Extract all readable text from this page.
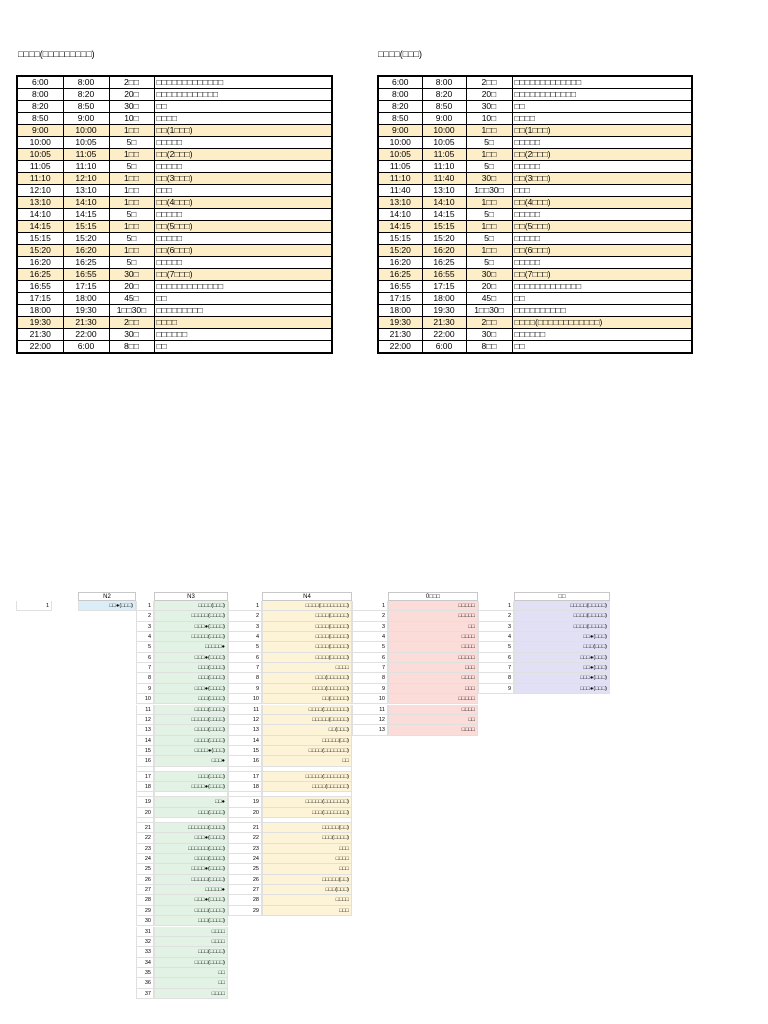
□□□□(□□□□□□□□□)
6:00	8:00	2□□	□□□□□□□□□□□□□
8:00	8:20	20□	□□□□□□□□□□□□
8:20	8:50	30□	□□
8:50	9:00	10□	□□□□
9:00	10:00	1□□	□□(1□□□)
10:00	10:05	5□	□□□□□
10:05	11:05	1□□	□□(2□□□)
11:05	11:10	5□	□□□□□
11:10	12:10	1□□	□□(3□□□)
12:10	13:10	1□□	□□□
13:10	14:10	1□□	□□(4□□□)
14:10	14:15	5□	□□□□□
14:15	15:15	1□□	□□(5□□□)
15:15	15:20	5□	□□□□□
15:20	16:20	1□□	□□(6□□□)
16:20	16:25	5□	□□□□□
16:25	16:55	30□	□□(7□□□)
16:55	17:15	20□	□□□□□□□□□□□□□
17:15	18:00	45□	□□
18:00	19:30	1□□30□	□□□□□□□□□
19:30	21:30	2□□	□□□□
21:30	22:00	30□	□□□□□□
22:00	6:00	8□□	□□
□□□□(□□□)
6:00	8:00	2□□	□□□□□□□□□□□□□
8:00	8:20	20□	□□□□□□□□□□□□
8:20	8:50	30□	□□
8:50	9:00	10□	□□□□
9:00	10:00	1□□	□□(1□□□)
10:00	10:05	5□	□□□□□
10:05	11:05	1□□	□□(2□□□)
11:05	11:10	5□	□□□□□
11:10	11:40	30□	□□(3□□□)
11:40	13:10	1□□30□	□□□
13:10	14:10	1□□	□□(4□□□)
14:10	14:15	5□	□□□□□
14:15	15:15	1□□	□□(5□□□)
15:15	15:20	5□	□□□□□
15:20	16:20	1□□	□□(6□□□)
16:20	16:25	5□	□□□□□
16:25	16:55	30□	□□(7□□□)
16:55	17:15	20□	□□□□□□□□□□□□□
17:15	18:00	45□	□□
18:00	19:30	1□□30□	□□□□□□□□□□
19:30	21:30	2□□	□□□□(□□□□□□□□□□□□)
21:30	22:00	30□	□□□□□□
22:00	6:00	8□□	□□
N2
1	□□●(□□□)
N3
1	□□□□(□□□)
2	□□□□□(□□□□)
3	□□□●(□□□□)
4	□□□□□(□□□□)
5	□□□□□●
6	□□□●(□□□□)
7	□□□(□□□□)
8	□□□(□□□□)
9	□□□●(□□□□)
10	□□□(□□□□)
11	□□□□(□□□□)
12	□□□□□(□□□□)
13	□□□□(□□□□)
14	□□□□(□□□□)
15	□□□□●(□□□)
16	□□□●
17	□□□(□□□□)
18	□□□□●(□□□□)
19	□□●
20	□□□(□□□□)
21	□□□□□□(□□□□)
22	□□□●(□□□□)
23	□□□□□□(□□□□)
24	□□□□(□□□□)
25	□□□□●(□□□□)
26	□□□□□(□□□□)
27	□□□□□●
28	□□□●(□□□□)
29	□□□□(□□□□)
30	□□□(□□□□)
31	□□□□
32	□□□□
33	□□□(□□□□)
34	□□□□(□□□□)
35	□□
36	□□
37	□□□□
N4
1	□□□□(□□□□□□□□)
2	□□□□(□□□□□)
3	□□□□(□□□□□)
4	□□□□(□□□□□)
5	□□□□(□□□□□)
6	□□□□(□□□□□)
7	□□□□
8	□□□(□□□□□□)
9	□□□□(□□□□□□)
10	□□(□□□□□)
11	□□□□(□□□□□□□)
12	□□□□□(□□□□□)
13	□□(□□□)
14	□□□□□(□□)
15	□□□□(□□□□□□□)
16	□□
17	□□□□□(□□□□□□□)
18	□□□□(□□□□□□)
19	□□□□□(□□□□□□□)
20	□□□(□□□□□□□)
21	□□□□□(□□)
22	□□□(□□□□)
23	□□□
24	□□□□
25	□□□
26	□□□□□(□□)
27	□□□(□□□)
28	□□□□
29	□□□
0□□□
1	□□□□□
2	□□□□□
3	□□
4	□□□□
5	□□□□
6	□□□□□
7	□□□
8	□□□□
9	□□□
10	□□□□□
11	□□□□
12	□□
13	□□□□
□□
1	□□□□□(□□□□□)
2	□□□□(□□□□□)
3	□□□□(□□□□□)
4	□□●(□□□)
5	□□□(□□□)
6	□□□●(□□□)
7	□□●(□□□)
8	□□□●(□□□)
9	□□□●(□□□)
